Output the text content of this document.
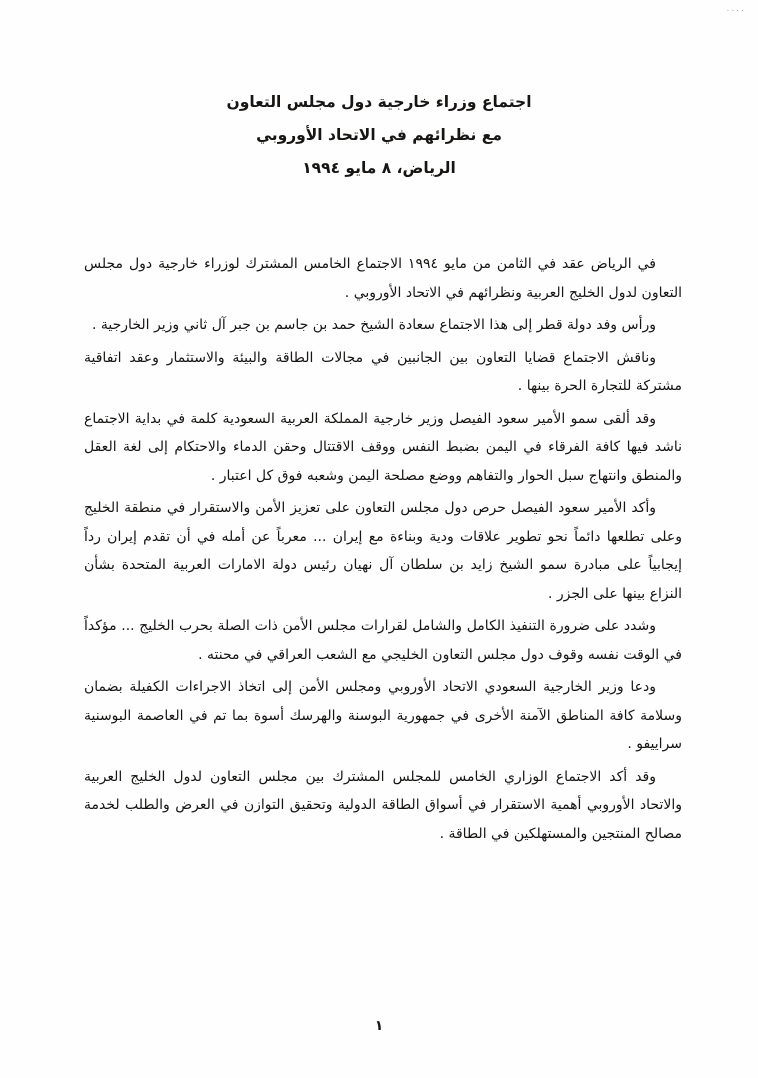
....
اجتماع وزراء خارجية دول مجلس التعاون
مع نظرائهم في الاتحاد الأوروبي
الرياض، ٨ مايو ١٩٩٤

في الرياض عقد في الثامن من مايو ١٩٩٤ الاجتماع الخامس المشترك لوزراء خارجية دول مجلس التعاون لدول الخليج العربية ونظرائهم في الاتحاد الأوروبي .

ورأس وفد دولة قطر إلى هذا الاجتماع سعادة الشيخ حمد بن جاسم بن جبر آل ثاني وزير الخارجية .

وناقش الاجتماع قضايا التعاون بين الجانبين في مجالات الطاقة والبيئة والاستثمار وعقد اتفاقية مشتركة للتجارة الحرة بينها .

وقد ألقى سمو الأمير سعود الفيصل وزير خارجية المملكة العربية السعودية كلمة في بداية الاجتماع ناشد فيها كافة الفرقاء في اليمن بضبط النفس ووقف الاقتتال وحقن الدماء والاحتكام إلى لغة العقل والمنطق وانتهاج سبل الحوار والتفاهم ووضع مصلحة اليمن وشعبه فوق كل اعتبار .

وأكد الأمير سعود الفيصل حرص دول مجلس التعاون على تعزيز الأمن والاستقرار في منطقة الخليج وعلى تطلعها دائماً نحو تطوير علاقات ودية وبناءة مع إيران ... معرباً عن أمله في أن تقدم إيران رداً إيجابياً على مبادرة سمو الشيخ زايد بن سلطان آل نهيان رئيس دولة الامارات العربية المتحدة بشأن النزاع بينها على الجزر .

وشدد على ضرورة التنفيذ الكامل والشامل لقرارات مجلس الأمن ذات الصلة بحرب الخليج ... مؤكداً في الوقت نفسه وقوف دول مجلس التعاون الخليجي مع الشعب العراقي في محنته .

ودعا وزير الخارجية السعودي الاتحاد الأوروبي ومجلس الأمن إلى اتخاذ الاجراءات الكفيلة بضمان وسلامة كافة المناطق الآمنة الأخرى في جمهورية البوسنة والهرسك أسوة بما تم في العاصمة البوسنية سراييفو .

وقد أكد الاجتماع الوزاري الخامس للمجلس المشترك بين مجلس التعاون لدول الخليج العربية والاتحاد الأوروبي أهمية الاستقرار في أسواق الطاقة الدولية وتحقيق التوازن في العرض والطلب لخدمة مصالح المنتجين والمستهلكين في الطاقة .

١
